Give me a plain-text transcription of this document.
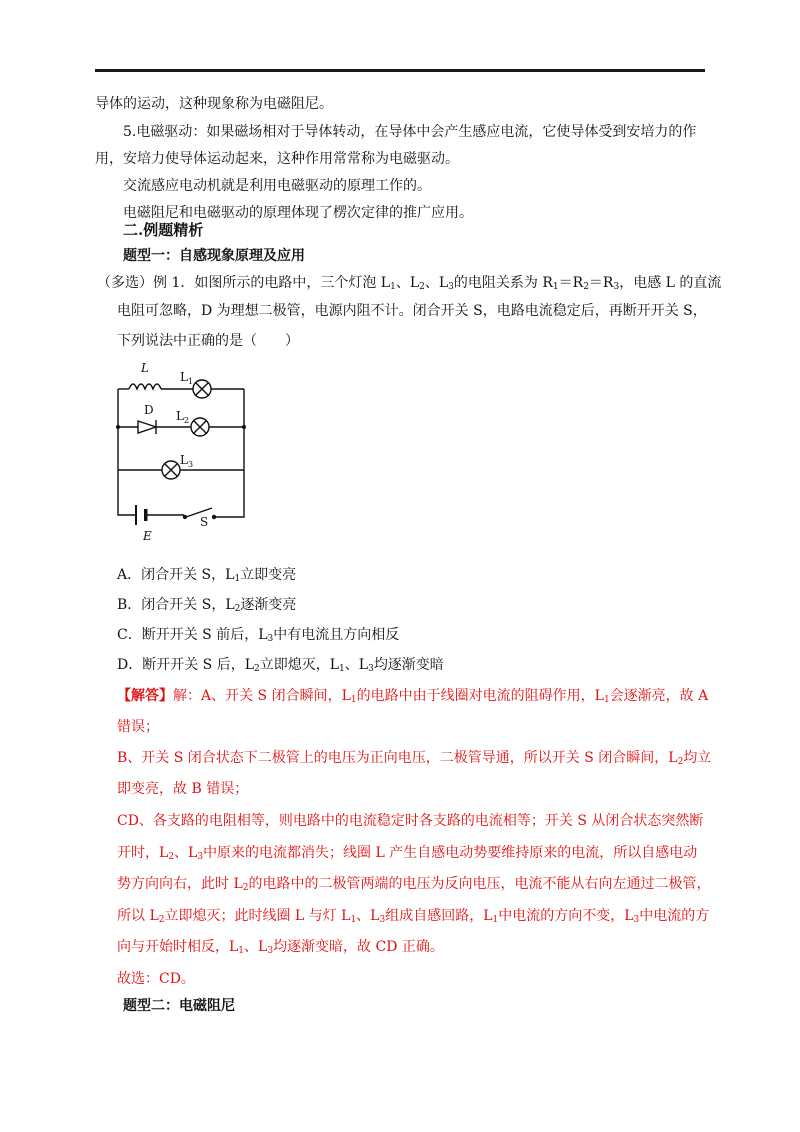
导体的运动，这种现象称为电磁阻尼。
5.电磁驱动：如果磁场相对于导体转动，在导体中会产生感应电流，它使导体受到安培力的作
用，安培力使导体运动起来，这种作用常常称为电磁驱动。
交流感应电动机就是利用电磁驱动的原理工作的。
电磁阻尼和电磁驱动的原理体现了楞次定律的推广应用。
二.例题精析
题型一：自感现象原理及应用
（多选）例 1．如图所示的电路中，三个灯泡 $L_1$、$L_2$、$L_3$的电阻关系为 $R_1=R_2=R_3$，电感 L 的直流
电阻可忽略，D 为理想二极管，电源内阻不计。闭合开关 S，电路电流稳定后，再断开开关 S，
下列说法中正确的是（　　）
L
$L_1$
D $L_2$
$L_3$
S
E
A．闭合开关 S，$L_1$立即变亮
B．闭合开关 S，$L_2$逐渐变亮
C．断开开关 S 前后，$L_3$中有电流且方向相反
D．断开开关 S 后，$L_2$立即熄灭，$L_1$、$L_3$均逐渐变暗
【解答】解：A、开关 S 闭合瞬间，$L_1$的电路中由于线圈对电流的阻碍作用，$L_1$会逐渐亮，故 A
错误；
B、开关 S 闭合状态下二极管上的电压为正向电压，二极管导通，所以开关 S 闭合瞬间，$L_2$均立
即变亮，故 B 错误；
CD、各支路的电阻相等，则电路中的电流稳定时各支路的电流相等；开关 S 从闭合状态突然断
开时，$L_2$、$L_3$中原来的电流都消失；线圈 L 产生自感电动势要维持原来的电流，所以自感电动
势方向向右，此时 $L_2$的电路中的二极管两端的电压为反向电压，电流不能从右向左通过二极管，
所以 $L_2$立即熄灭；此时线圈 L 与灯 $L_1$、$L_3$组成自感回路，$L_1$中电流的方向不变，$L_3$中电流的方
向与开始时相反，$L_1$、$L_3$均逐渐变暗，故 CD 正确。
故选：CD。
题型二：电磁阻尼
